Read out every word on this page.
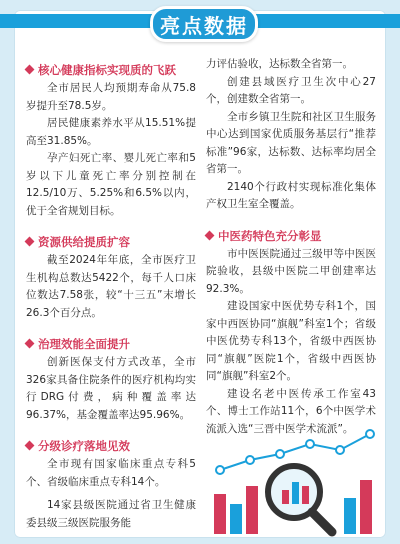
亮点数据
核心健康指标实现质的飞跃

全市居民人均预期寿命从75.8岁提升至78.5岁。

居民健康素养水平从15.51%提高至31.85%。

孕产妇死亡率、婴儿死亡率和5岁以下儿童死亡率分别控制在12.5/10万、5.25%和6.5%以内，优于全省规划目标。

资源供给提质扩容

截至2024年年底，全市医疗卫生机构总数达5422个，每千人口床位数达7.58张，较“十三五”末增长26.3个百分点。

治理效能全面提升

创新医保支付方式改革，全市326家具备住院条件的医疗机构均实行DRG付费，病种覆盖率达96.37%，基金覆盖率达95.96%。

分级诊疗落地见效

全市现有国家临床重点专科5个、省级临床重点专科14个。

14家县级医院通过省卫生健康委县级三级医院服务能

力评估验收，达标数全省第一。

创建县域医疗卫生次中心27个，创建数全省第一。

全市乡镇卫生院和社区卫生服务中心达到国家优质服务基层行“推荐标准”96家，达标数、达标率均居全省第一。

2140个行政村实现标准化集体产权卫生室全覆盖。

中医药特色充分彰显

市中医医院通过三级甲等中医医院验收，县级中医院二甲创建率达92.3%。

建设国家中医优势专科1个，国家中西医协同“旗舰”科室1个；省级中医优势专科13个，省级中西医协同“旗舰”医院1个，省级中西医协同“旗舰”科室2个。

建设名老中医传承工作室43个、博士工作站11个，6个中医学术流派入选“三晋中医学术流派”。
